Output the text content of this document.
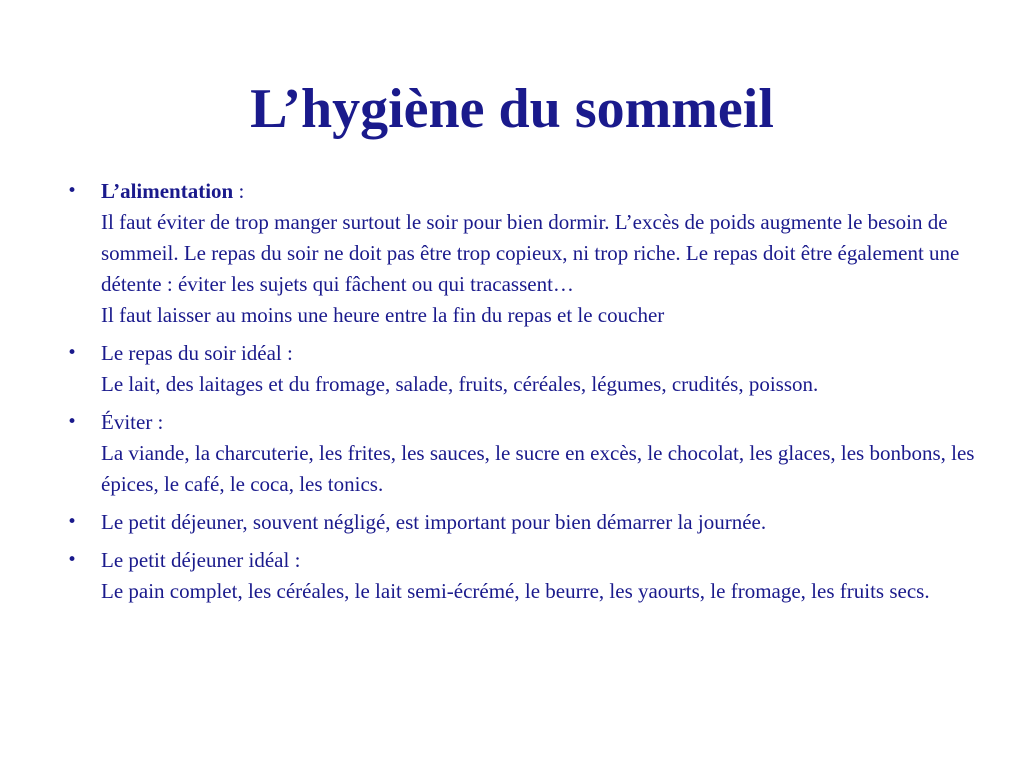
L’hygiène du sommeil
•	L’alimentation :
Il faut éviter de trop manger surtout le soir pour bien dormir. L’excès de poids augmente le besoin de sommeil. Le repas du soir ne doit pas être trop copieux, ni trop riche. Le repas doit être également une détente : éviter les sujets qui fâchent ou qui tracassent…
Il faut laisser au moins une heure entre la fin du repas et le coucher
•	Le repas du soir idéal :
Le lait, des laitages et du fromage, salade, fruits, céréales, légumes, crudités, poisson.
•	Éviter :
La viande, la charcuterie, les frites, les sauces, le sucre en excès, le chocolat, les glaces, les bonbons, les épices, le café, le coca, les tonics.
•	Le petit déjeuner, souvent négligé, est important pour bien démarrer la journée.
•	Le petit déjeuner idéal :
Le pain complet, les céréales, le lait semi-écrémé, le beurre, les yaourts, le fromage, les fruits secs.
